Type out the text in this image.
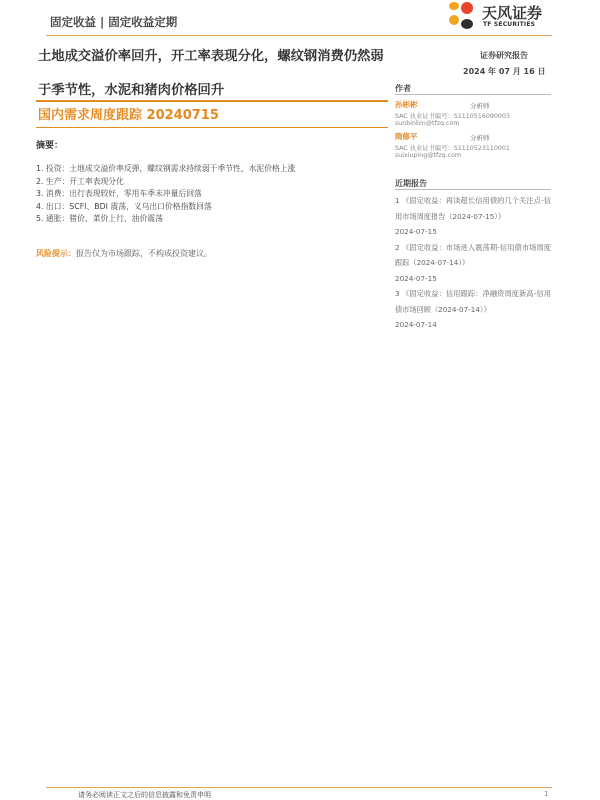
固定收益 | 固定收益定期	天风证券
TF SECURITIES
土地成交溢价率回升，开工率表现分化，螺纹钢消费仍然弱于季节性，水泥和猪肉价格回升
国内需求周度跟踪 20240715
摘要：
1. 投资：土地成交溢价率反弹，螺纹钢需求持续弱于季节性，水泥价格上涨
2. 生产：开工率表现分化
3. 消费：出行表现较好，零用车季末冲量后回落
4. 出口：SCFI、BDI 震荡，义乌出口价格指数回落
5. 通胀：猪价、菜价上行、油价震荡
风险提示：报告仅为市场跟踪，不构成投资建议。
证券研究报告
2024 年 07 月 16 日
作者
孙彬彬	分析师
SAC 执业证书编号：S1110516090003
sunbinbin@tfzq.com
隋修平	分析师
SAC 执业证书编号：S1110523110001
suixiuping@tfzq.com
近期报告
1 《固定收益：再谈超长信用债的几个关注点-信用市场周度报告（2024-07-15）》
2024-07-15
2 《固定收益：市场进入震荡期-信用债市场周度跟踪（2024-07-14）》
2024-07-15
3 《固定收益：信用跟踪：净融资周度新高-信用债市场回顾（2024-07-14）》
2024-07-14
请务必阅读正文之后的信息披露和免责申明	1
